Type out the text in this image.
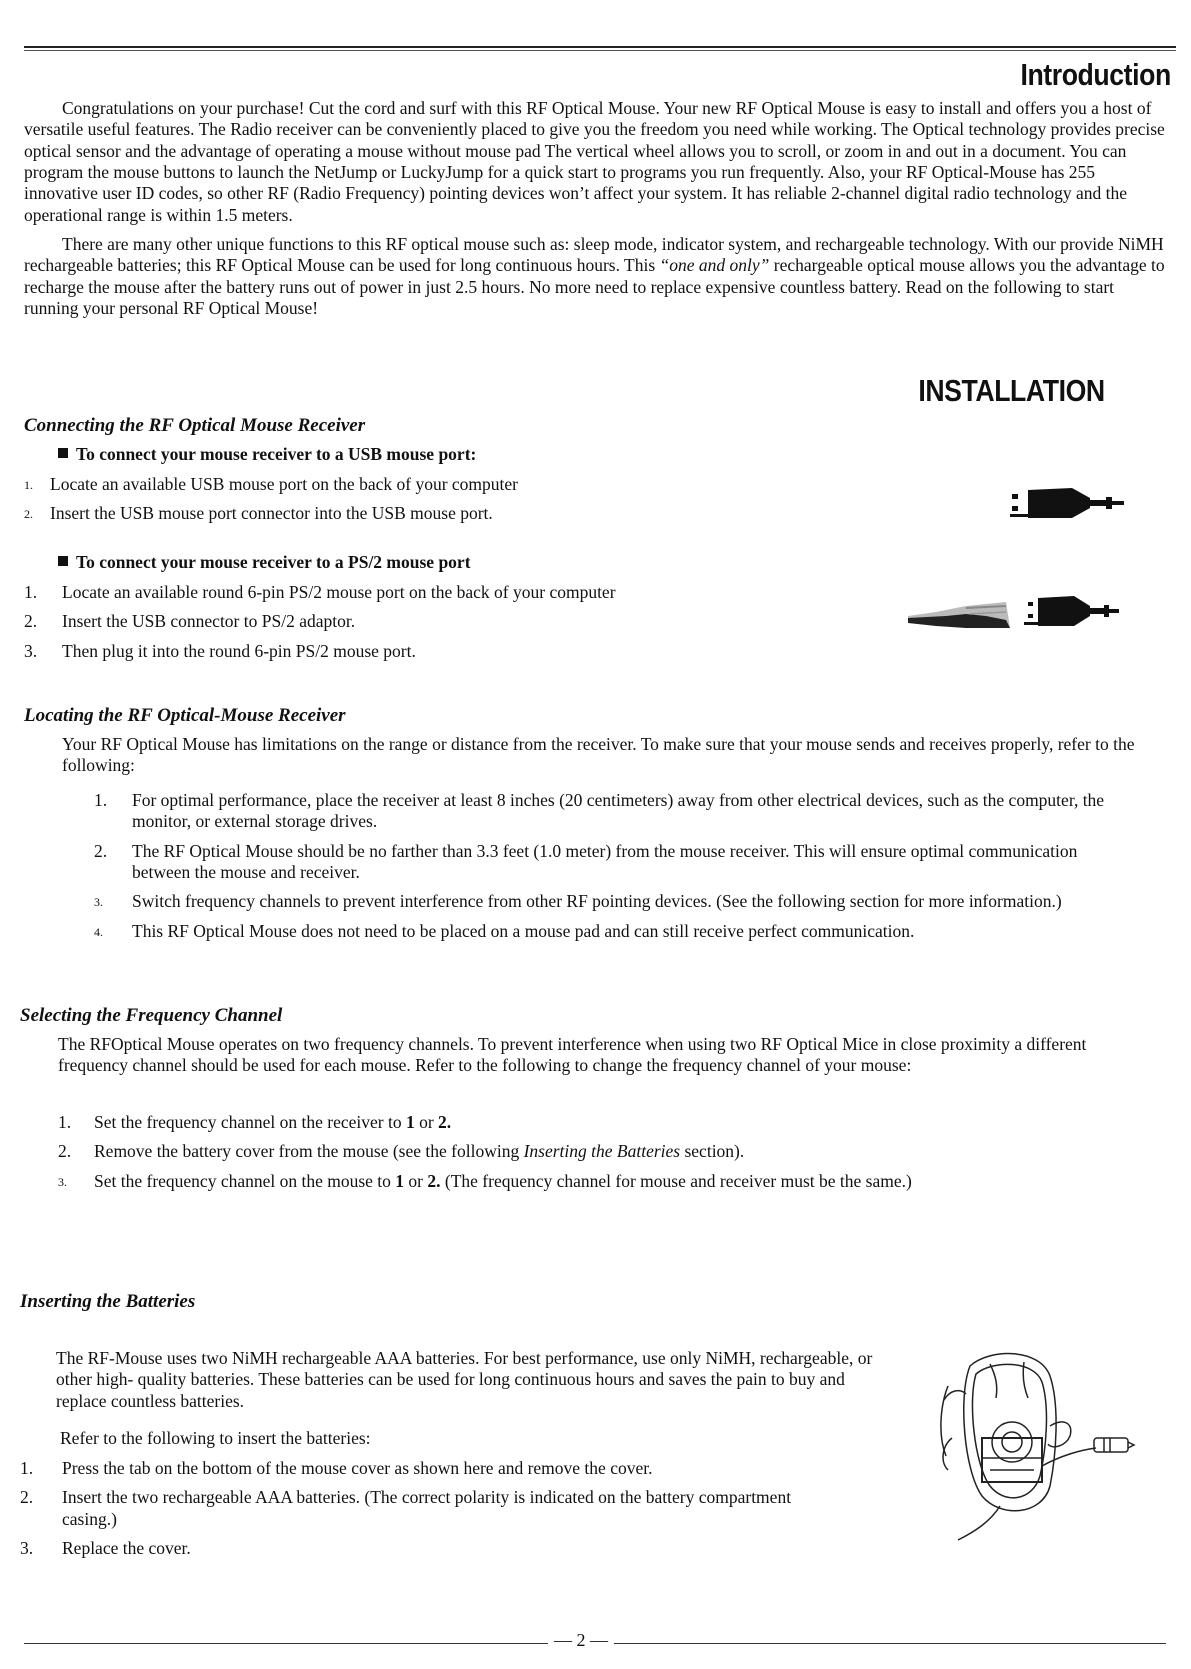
Introduction

Congratulations on your purchase! Cut the cord and surf with this RF Optical Mouse. Your new RF Optical Mouse is easy to install and offers you a host of versatile useful features. The Radio receiver can be conveniently placed to give you the freedom you need while working. The Optical technology provides precise optical sensor and the advantage of operating a mouse without mouse pad The vertical wheel allows you to scroll, or zoom in and out in a document. You can program the mouse buttons to launch the NetJump or LuckyJump for a quick start to programs you run frequently. Also, your RF Optical-Mouse has 255 innovative user ID codes, so other RF (Radio Frequency) pointing devices won’t affect your system. It has reliable 2-channel digital radio technology and the operational range is within 1.5 meters.

There are many other unique functions to this RF optical mouse such as: sleep mode, indicator system, and rechargeable technology. With our provide NiMH rechargeable batteries; this RF Optical Mouse can be used for long continuous hours. This “one and only” rechargeable optical mouse allows you the advantage to recharge the mouse after the battery runs out of power in just 2.5 hours. No more need to replace expensive countless battery. Read on the following to start running your personal RF Optical Mouse!

INSTALLATION
Connecting the RF Optical Mouse Receiver
To connect your mouse receiver to a USB mouse port:
1. Locate an available USB mouse port on the back of your computer
2. Insert the USB mouse port connector into the USB mouse port.
To connect your mouse receiver to a PS/2 mouse port
1. Locate an available round 6-pin PS/2 mouse port on the back of your computer
2. Insert the USB connector to PS/2 adaptor.
3. Then plug it into the round 6-pin PS/2 mouse port.
Locating the RF Optical-Mouse Receiver
Your RF Optical Mouse has limitations on the range or distance from the receiver. To make sure that your mouse sends and receives properly, refer to the following:
1. For optimal performance, place the receiver at least 8 inches (20 centimeters) away from other electrical devices, such as the computer, the monitor, or external storage drives.
2. The RF Optical Mouse should be no farther than 3.3 feet (1.0 meter) from the mouse receiver. This will ensure optimal communication between the mouse and receiver.
3. Switch frequency channels to prevent interference from other RF pointing devices. (See the following section for more information.)
4. This RF Optical Mouse does not need to be placed on a mouse pad and can still receive perfect communication.
Selecting the Frequency Channel
The RFOptical Mouse operates on two frequency channels. To prevent interference when using two RF Optical Mice in close proximity a different frequency channel should be used for each mouse. Refer to the following to change the frequency channel of your mouse:
1. Set the frequency channel on the receiver to 1 or 2.
2. Remove the battery cover from the mouse (see the following Inserting the Batteries section).
3. Set the frequency channel on the mouse to 1 or 2. (The frequency channel for mouse and receiver must be the same.)
Inserting the Batteries
The RF-Mouse uses two NiMH rechargeable AAA batteries. For best performance, use only NiMH, rechargeable, or other high- quality batteries. These batteries can be used for long continuous hours and saves the pain to buy and replace countless batteries.
Refer to the following to insert the batteries:
1. Press the tab on the bottom of the mouse cover as shown here and remove the cover.
2. Insert the two rechargeable AAA batteries. (The correct polarity is indicated on the battery compartment casing.)
3. Replace the cover.
— 2 —
